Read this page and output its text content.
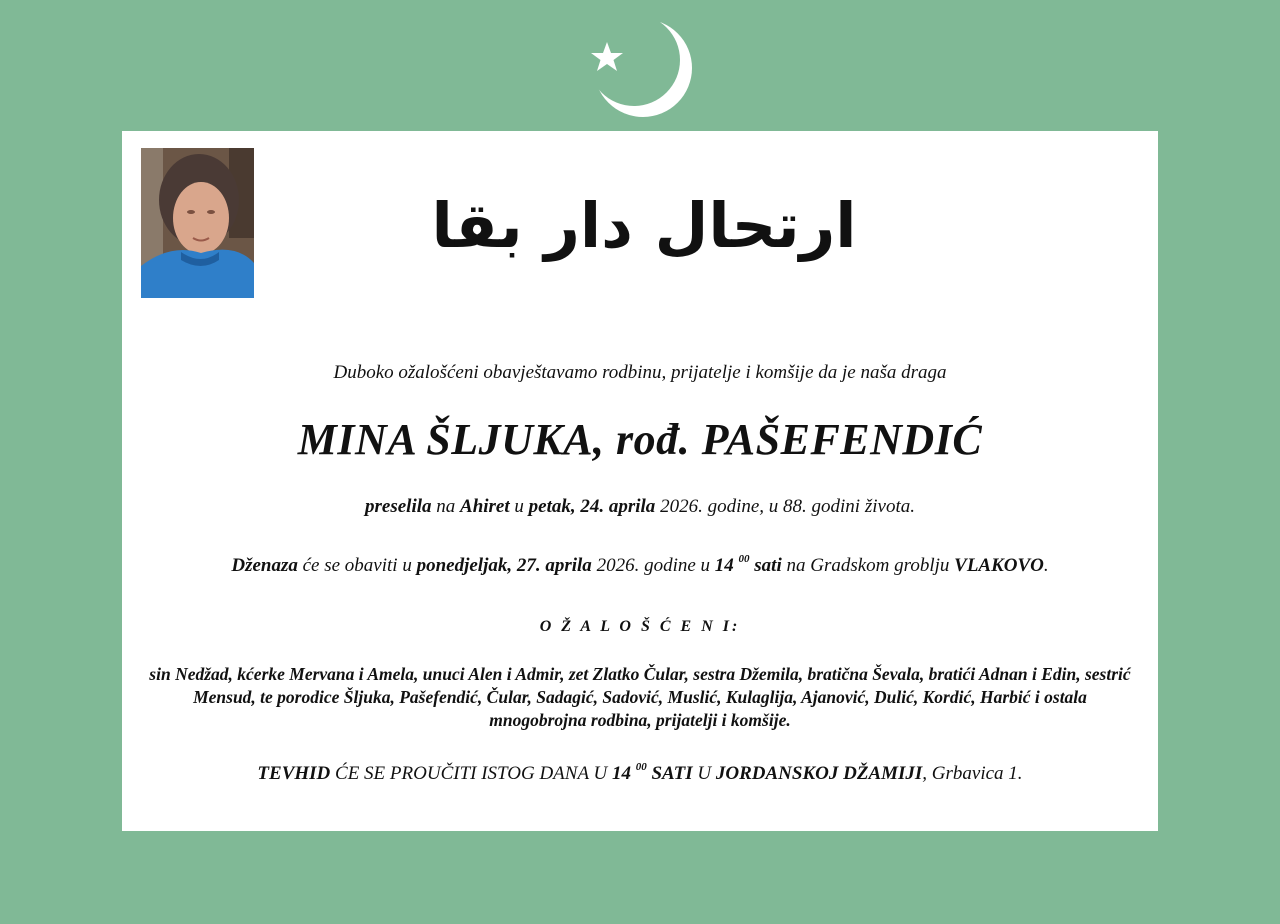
ارتحال دار بقا
Duboko ožalošćeni obavještavamo rodbinu, prijatelje i komšije da je naša draga
MINA ŠLJUKA, rođ. PAŠEFENDIĆ
preselila na Ahiret u petak, 24. aprila 2026. godine, u 88. godini života.
Dženaza će se obaviti u ponedjeljak, 27. aprila 2026. godine u 14 $^{00}$ sati na Gradskom groblju VLAKOVO.
O Ž A L O Š Ć E N I:
sin Nedžad, kćerke Mervana i Amela, unuci Alen i Admir, zet Zlatko Čular, sestra Džemila, bratična Ševala, bratići Adnan i Edin, sestrić Mensud, te porodice Šljuka, Pašefendić, Čular, Sadagić, Sadović, Muslić, Kulaglija, Ajanović, Dulić, Kordić, Harbić i ostala mnogobrojna rodbina, prijatelji i komšije.
TEVHID ĆE SE PROUČITI ISTOG DANA U 14 $^{00}$ SATI U JORDANSKOJ DŽAMIJI, Grbavica 1.
